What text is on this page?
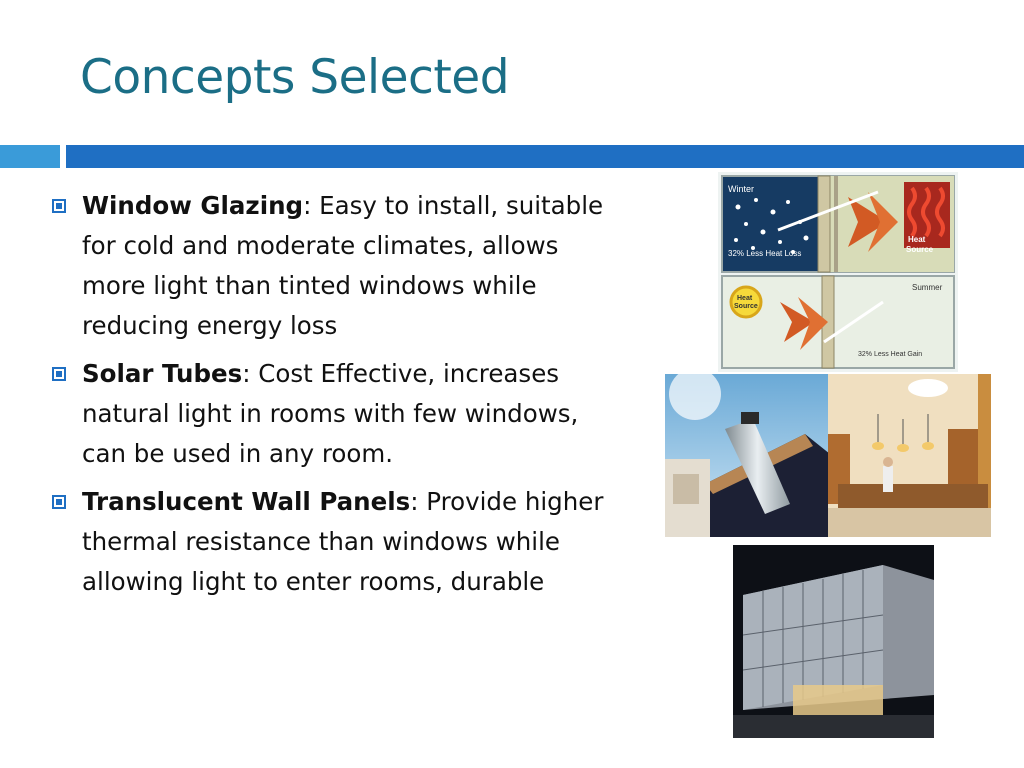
Concepts Selected
Window Glazing: Easy to install, suitable for cold and moderate climates, allows more light than tinted windows while reducing energy loss
Solar Tubes: Cost Effective, increases natural light in rooms with few windows, can be used in any room.
Translucent Wall Panels: Provide higher thermal resistance than windows while allowing light to enter rooms, durable
Winter
32% Less Heat Loss
Heat
Source
Heat
Source
Summer
32% Less Heat Gain
